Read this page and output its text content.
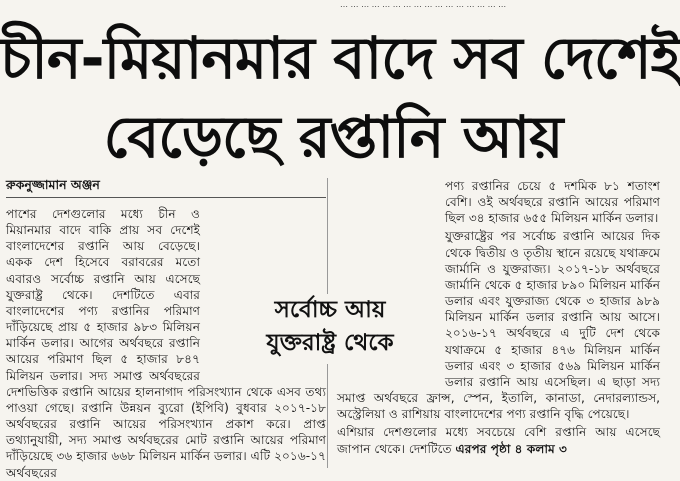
… … … … … … … … … … … … … … … …
চীন-মিয়ানমার বাদে সব দেশেই
বেড়েছে রপ্তানি আয়
রুকনুজ্জামান অঞ্জন

পাশের দেশগুলোর মধ্যে চীন ও মিয়ানমার বাদে বাকি প্রায় সব দেশেই বাংলাদেশের রপ্তানি আয় বেড়েছে। একক দেশ হিসেবে বরাবরের মতো এবারও সর্বোচ্চ রপ্তানি আয় এসেছে যুক্তরাষ্ট্র থেকে। দেশটিতে এবার বাংলাদেশের পণ্য রপ্তানির পরিমাণ দাঁড়িয়েছে প্রায় ৫ হাজার ৯৮৩ মিলিয়ন মার্কিন ডলার। আগের অর্থবছরে রপ্তানি আয়ের পরিমাণ ছিল ৫ হাজার ৮৪৭ মিলিয়ন ডলার। সদ্য সমাপ্ত অর্থবছরের দেশভিত্তিক রপ্তানি আয়ের হালনাগাদ পরিসংখ্যান থেকে এসব তথ্য পাওয়া গেছে। রপ্তানি উন্নয়ন ব্যুরো (ইপিবি) বুধবার ২০১৭-১৮ অর্থবছরের রপ্তানি আয়ের পরিসংখ্যান প্রকাশ করে। প্রাপ্ত তথ্যানুযায়ী, সদ্য সমাপ্ত অর্থবছরের মোট রপ্তানি আয়ের পরিমাণ দাঁড়িয়েছে ৩৬ হাজার ৬৬৮ মিলিয়ন মার্কিন ডলার। এটি ২০১৬-১৭ অর্থবছরের

পণ্য রপ্তানির চেয়ে ৫ দশমিক ৮১ শতাংশ বেশি। ওই অর্থবছরে রপ্তানি আয়ের পরিমাণ ছিল ৩৪ হাজার ৬৫৫ মিলিয়ন মার্কিন ডলার।

যুক্তরাষ্ট্রের পর সর্বোচ্চ রপ্তানি আয়ের দিক থেকে দ্বিতীয় ও তৃতীয় স্থানে রয়েছে যথাক্রমে জার্মানি ও যুক্তরাজ্য। ২০১৭-১৮ অর্থবছরে জার্মানি থেকে ৫ হাজার ৮৯০ মিলিয়ন মার্কিন ডলার এবং যুক্তরাজ্য থেকে ৩ হাজার ৯৮৯ মিলিয়ন মার্কিন ডলার রপ্তানি আয় আসে। ২০১৬-১৭ অর্থবছরে এ দুটি দেশ থেকে যথাক্রমে ৫ হাজার ৪৭৬ মিলিয়ন মার্কিন ডলার এবং ৩ হাজার ৫৬৯ মিলিয়ন মার্কিন ডলার রপ্তানি আয় এসেছিল। এ ছাড়া সদ্য সমাপ্ত অর্থবছরে ফ্রান্স, স্পেন, ইতালি, কানাডা, নেদারল্যান্ডস, অস্ট্রেলিয়া ও রাশিয়ায় বাংলাদেশের পণ্য রপ্তানি বৃদ্ধি পেয়েছে।

এশিয়ার দেশগুলোর মধ্যে সবচেয়ে বেশি রপ্তানি আয় এসেছে জাপান থেকে। দেশটিতে এরপর পৃষ্ঠা ৪ কলাম ৩

সর্বোচ্চ আয়
যুক্তরাষ্ট্র থেকে
